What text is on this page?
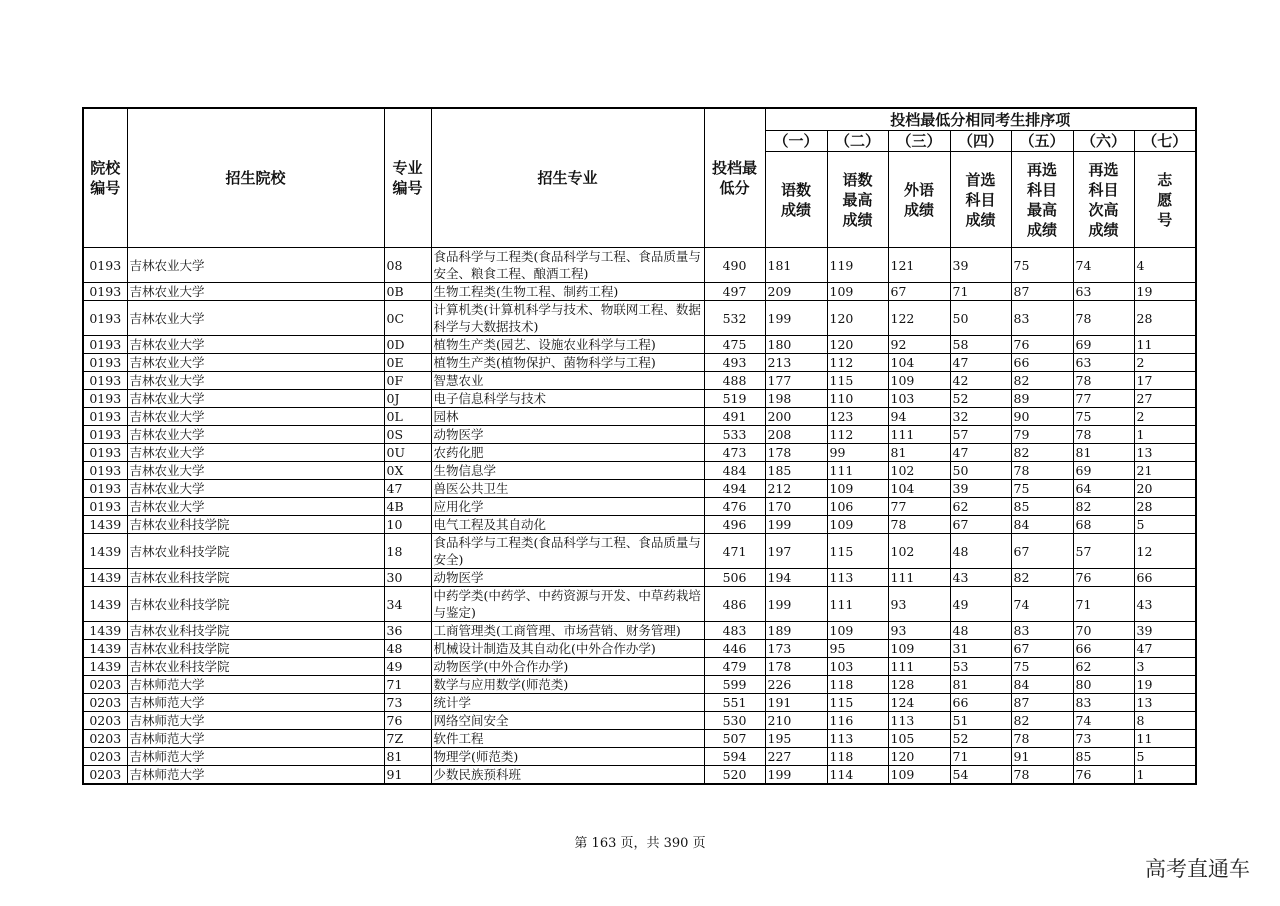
院校编号	招生院校	专业编号	招生专业	投档最低分	投档最低分相同考生排序项						
					（一）	（二）	（三）	（四）	（五）	（六）	（七）
					语数成绩	语数最高成绩	外语成绩	首选科目成绩	再选科目最高成绩	再选科目次高成绩	志愿号
0193	吉林农业大学	08	食品科学与工程类(食品科学与工程、食品质量与安全、粮食工程、酿酒工程)	490	181	119	121	39	75	74	4
0193	吉林农业大学	0B	生物工程类(生物工程、制药工程)	497	209	109	67	71	87	63	19
0193	吉林农业大学	0C	计算机类(计算机科学与技术、物联网工程、数据科学与大数据技术)	532	199	120	122	50	83	78	28
0193	吉林农业大学	0D	植物生产类(园艺、设施农业科学与工程)	475	180	120	92	58	76	69	11
0193	吉林农业大学	0E	植物生产类(植物保护、菌物科学与工程)	493	213	112	104	47	66	63	2
0193	吉林农业大学	0F	智慧农业	488	177	115	109	42	82	78	17
0193	吉林农业大学	0J	电子信息科学与技术	519	198	110	103	52	89	77	27
0193	吉林农业大学	0L	园林	491	200	123	94	32	90	75	2
0193	吉林农业大学	0S	动物医学	533	208	112	111	57	79	78	1
0193	吉林农业大学	0U	农药化肥	473	178	99	81	47	82	81	13
0193	吉林农业大学	0X	生物信息学	484	185	111	102	50	78	69	21
0193	吉林农业大学	47	兽医公共卫生	494	212	109	104	39	75	64	20
0193	吉林农业大学	4B	应用化学	476	170	106	77	62	85	82	28
1439	吉林农业科技学院	10	电气工程及其自动化	496	199	109	78	67	84	68	5
1439	吉林农业科技学院	18	食品科学与工程类(食品科学与工程、食品质量与安全)	471	197	115	102	48	67	57	12
1439	吉林农业科技学院	30	动物医学	506	194	113	111	43	82	76	66
1439	吉林农业科技学院	34	中药学类(中药学、中药资源与开发、中草药栽培与鉴定)	486	199	111	93	49	74	71	43
1439	吉林农业科技学院	36	工商管理类(工商管理、市场营销、财务管理)	483	189	109	93	48	83	70	39
1439	吉林农业科技学院	48	机械设计制造及其自动化(中外合作办学)	446	173	95	109	31	67	66	47
1439	吉林农业科技学院	49	动物医学(中外合作办学)	479	178	103	111	53	75	62	3
0203	吉林师范大学	71	数学与应用数学(师范类)	599	226	118	128	81	84	80	19
0203	吉林师范大学	73	统计学	551	191	115	124	66	87	83	13
0203	吉林师范大学	76	网络空间安全	530	210	116	113	51	82	74	8
0203	吉林师范大学	7Z	软件工程	507	195	113	105	52	78	73	11
0203	吉林师范大学	81	物理学(师范类)	594	227	118	120	71	91	85	5
0203	吉林师范大学	91	少数民族预科班	520	199	114	109	54	78	76	1
第 163 页，共 390 页
高考直通车
